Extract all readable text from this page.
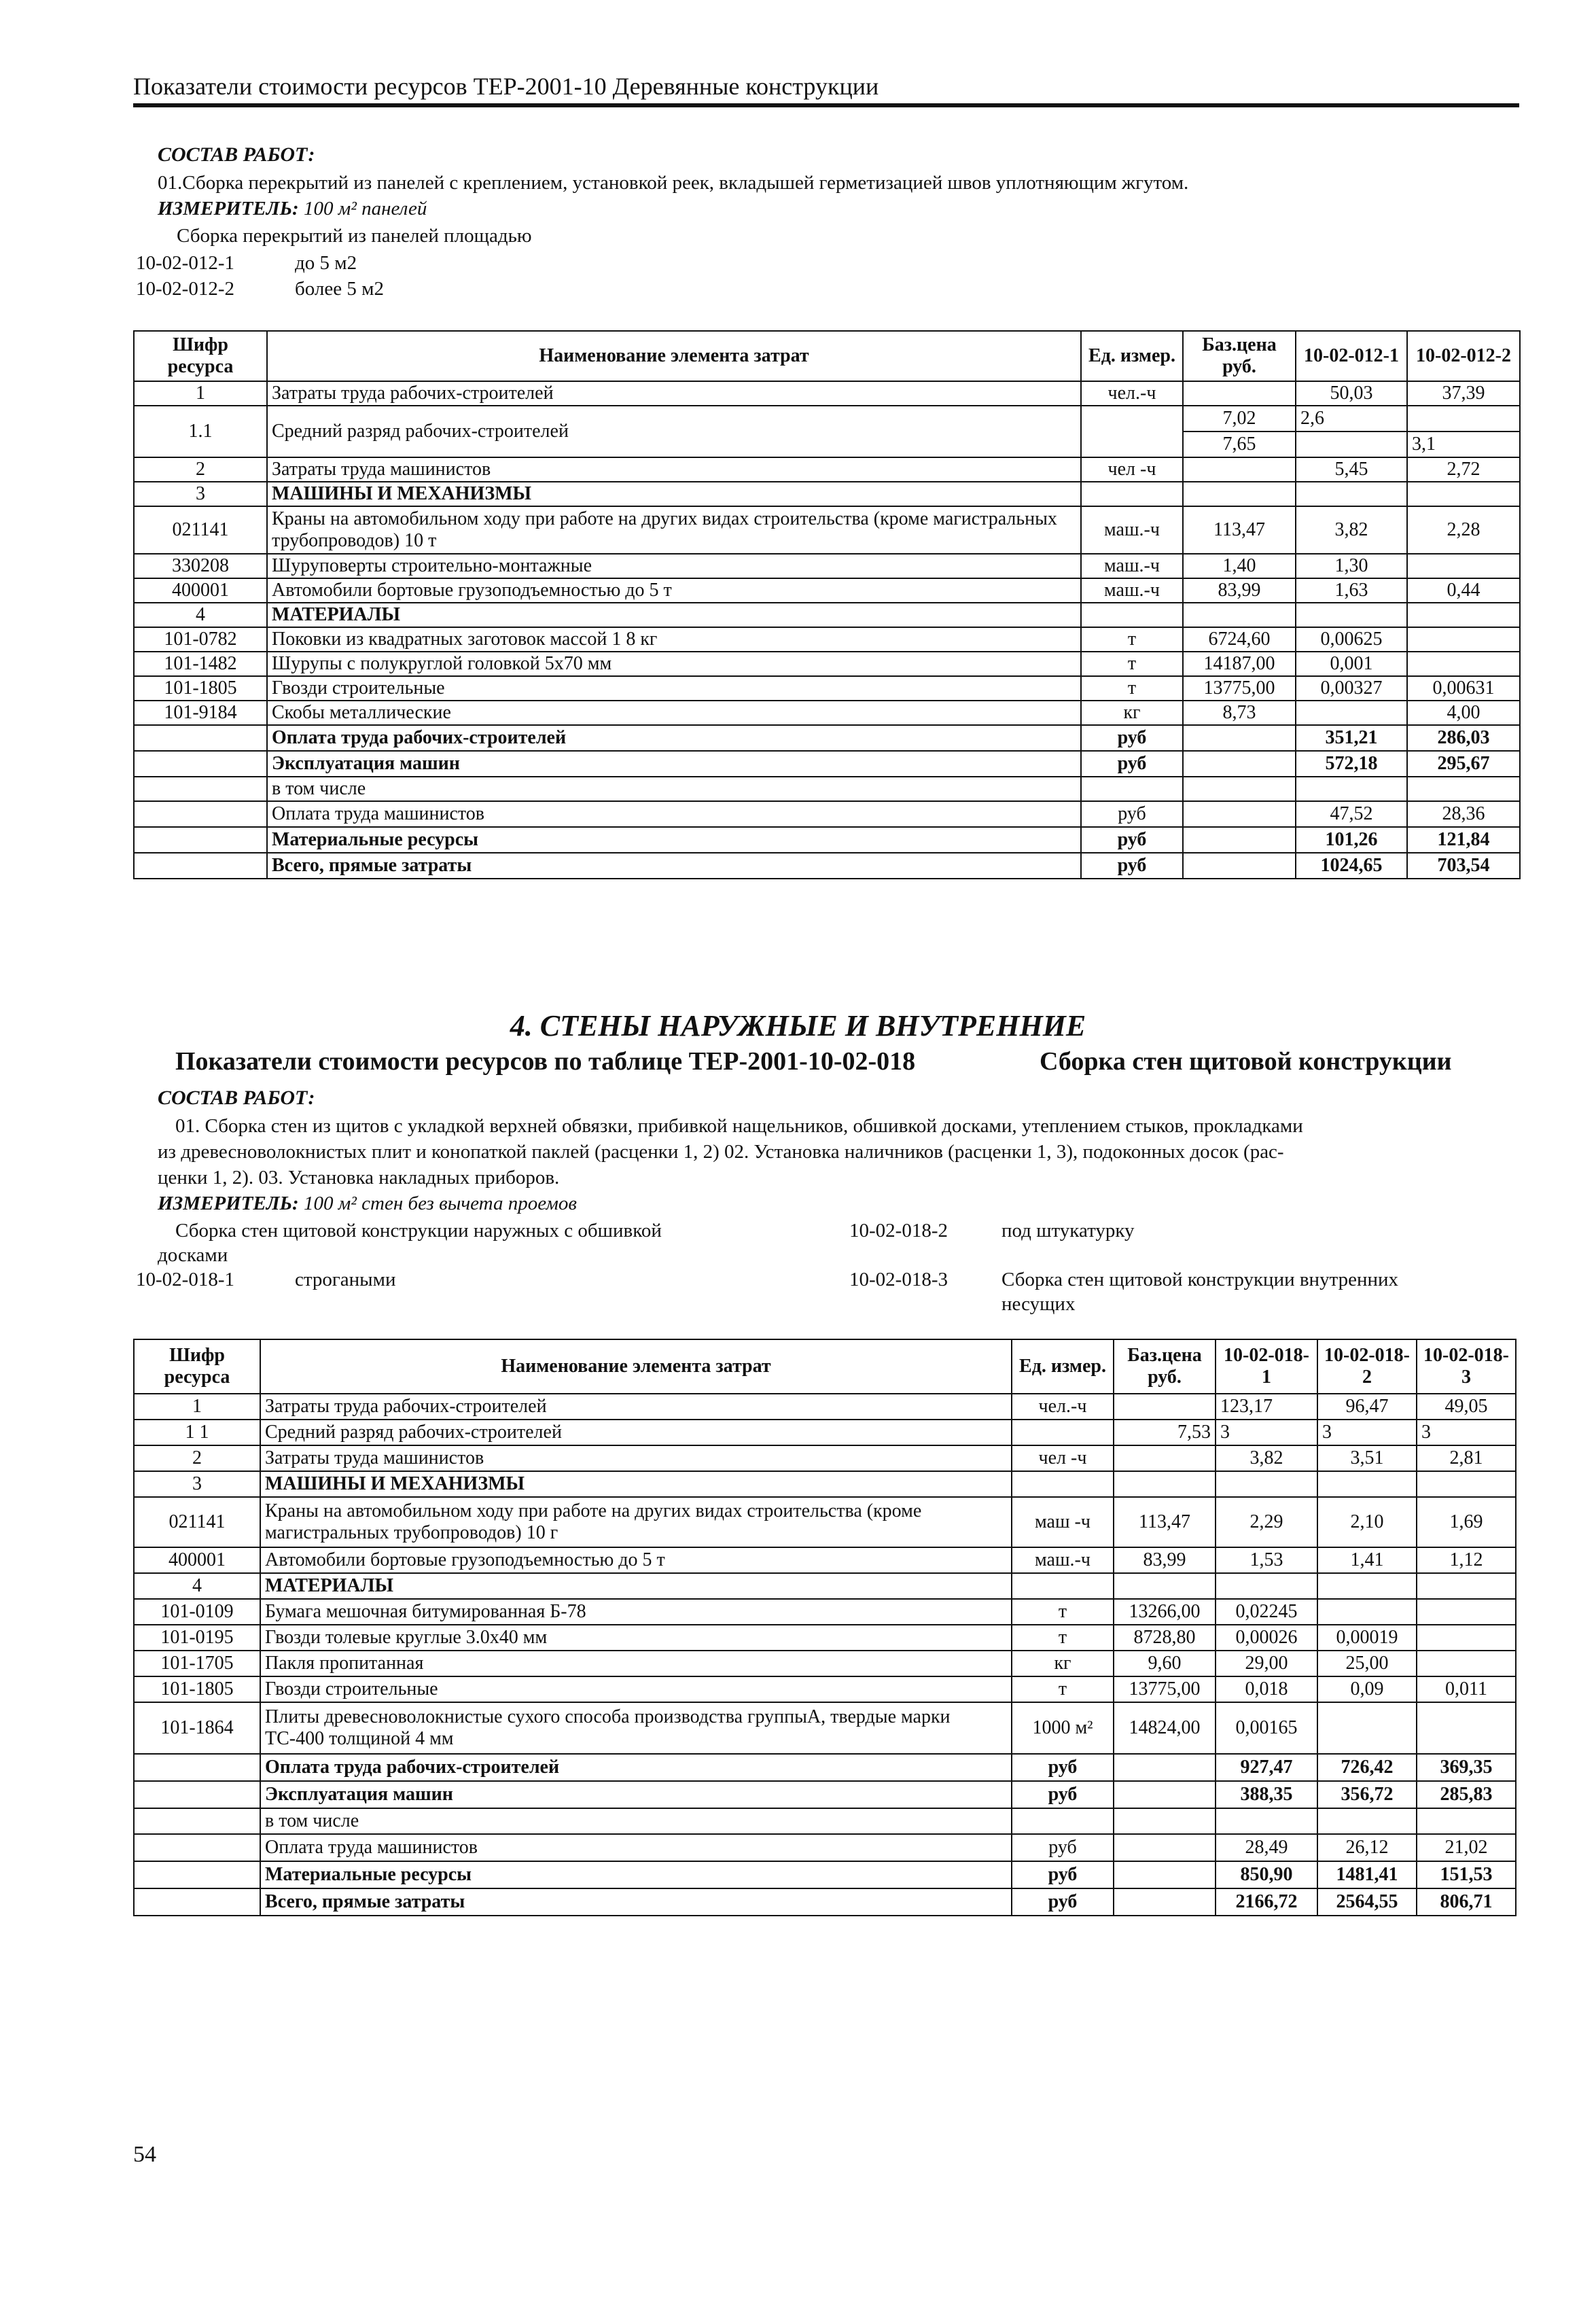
Показатели стоимости ресурсов ТЕР-2001-10 Деревянные конструкции
СОСТАВ РАБОТ:
01.Сборка перекрытий из панелей с креплением, установкой реек, вкладышей герметизацией швов уплотняющим жгутом.
ИЗМЕРИТЕЛЬ: 100 м² панелей
Сборка перекрытий из панелей площадью
10-02-012-1	до 5 м2
10-02-012-2	более 5 м2
Шифр ресурса	Наименование элемента затрат	Ед. измер.	Баз.цена руб.	10-02-012-1	10-02-012-2
1	Затраты труда рабочих-строителей	чел.-ч		50,03	37,39
1.1	Средний разряд рабочих-строителей		7,02	2,6	
			7,65		3,1
2	Затраты труда машинистов	чел -ч		5,45	2,72
3	МАШИНЫ И МЕХАНИЗМЫ				
021141	Краны на автомобильном ходу при работе на других видах строительства (кроме магистральных трубопроводов) 10 т	маш.-ч	113,47	3,82	2,28
330208	Шуруповерты строительно-монтажные	маш.-ч	1,40	1,30	
400001	Автомобили бортовые грузоподъемностью до 5 т	маш.-ч	83,99	1,63	0,44
4	МАТЕРИАЛЫ				
101-0782	Поковки из квадратных заготовок массой 1 8 кг	т	6724,60	0,00625	
101-1482	Шурупы с полукруглой головкой 5х70 мм	т	14187,00	0,001	
101-1805	Гвозди строительные	т	13775,00	0,00327	0,00631
101-9184	Скобы металлические	кг	8,73		4,00
	Оплата труда рабочих-строителей	руб		351,21	286,03
	Эксплуатация машин	руб		572,18	295,67
	в том числе				
	Оплата труда машинистов	руб		47,52	28,36
	Материальные ресурсы	руб		101,26	121,84
	Всего, прямые затраты	руб		1024,65	703,54
4. СТЕНЫ НАРУЖНЫЕ И ВНУТРЕННИЕ
Показатели стоимости ресурсов по таблице ТЕР-2001-10-02-018	Сборка стен щитовой конструкции
СОСТАВ РАБОТ:
01. Сборка стен из щитов с укладкой верхней обвязки, прибивкой нащельников, обшивкой досками, утеплением стыков, прокладками
из древесноволокнистых плит и конопаткой паклей (расценки 1, 2) 02. Установка наличников (расценки 1, 3), подоконных досок (рас-
ценки 1, 2). 03. Установка накладных приборов.
ИЗМЕРИТЕЛЬ: 100 м² стен без вычета проемов
Сборка стен щитовой конструкции наружных с обшивкой
досками
10-02-018-1	строгаными
10-02-018-2	под штукатурку
10-02-018-3	Сборка стен щитовой конструкции внутренних
несущих
Шифр ресурса	Наименование элемента затрат	Ед. измер.	Баз.цена руб.	10-02-018-1	10-02-018-2	10-02-018-3
1	Затраты труда рабочих-строителей	чел.-ч		123,17	96,47	49,05
1 1	Средний разряд рабочих-строителей		7,53	3	3	3
2	Затраты труда машинистов	чел -ч		3,82	3,51	2,81
3	МАШИНЫ И МЕХАНИЗМЫ					
021141	Краны на автомобильном ходу при работе на других видах строительства (кроме магистральных трубопроводов) 10 г	маш -ч	113,47	2,29	2,10	1,69
400001	Автомобили бортовые грузоподъемностью до 5 т	маш.-ч	83,99	1,53	1,41	1,12
4	МАТЕРИАЛЫ					
101-0109	Бумага мешочная битумированная Б-78	т	13266,00	0,02245		
101-0195	Гвозди толевые круглые 3.0х40 мм	т	8728,80	0,00026	0,00019	
101-1705	Пакля пропитанная	кг	9,60	29,00	25,00	
101-1805	Гвозди строительные	т	13775,00	0,018	0,09	0,011
101-1864	Плиты древесноволокнистые сухого способа производства группыА, твердые марки ТС-400 толщиной 4 мм	1000 м²	14824,00	0,00165		
	Оплата труда рабочих-строителей	руб		927,47	726,42	369,35
	Эксплуатация машин	руб		388,35	356,72	285,83
	в том числе					
	Оплата труда машинистов	руб		28,49	26,12	21,02
	Материальные ресурсы	руб		850,90	1481,41	151,53
	Всего, прямые затраты	руб		2166,72	2564,55	806,71
54
